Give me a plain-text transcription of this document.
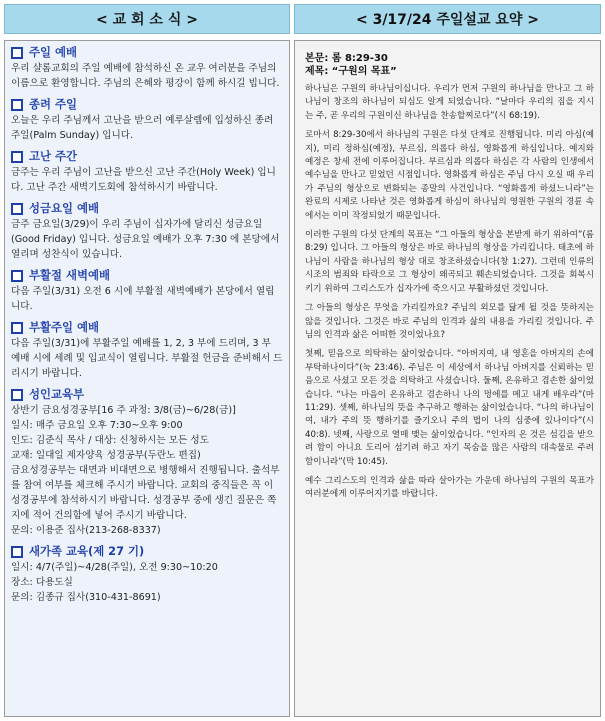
< 교 회 소 식 >	< 3/17/24 주일설교 요약 >
주일 예배

우리 샬롬교회의 주일 예배에 참석하신 온 교우 여러분을 주님의 이름으로 환영합니다. 주님의 은혜와 평강이 함께 하시길 빕니다.

종려 주일

오늘은 우리 주님께서 고난을 받으러 예루살렘에 입성하신 종려 주일(Palm Sunday) 입니다.

고난 주간

금주는 우리 주님이 고난을 받으신 고난 주간(Holy Week) 입니다. 고난 주간 새벽기도회에 참석하시기 바랍니다.

성금요일 예배

금주 금요일(3/29)이 우리 주님이 십자가에 달리신 성금요일(Good Friday) 입니다. 성금요일 예배가 오후 7:30 에 본당에서 열리며 성찬식이 있습니다.

부활절 새벽예배

다음 주일(3/31) 오전 6 시에 부활절 새벽예배가 본당에서 열립니다.

부활주일 예배

다음 주일(3/31)에 부활주일 예배를 1, 2, 3 부에 드리며, 3 부 예배 시에 세례 및 입교식이 열립니다. 부활절 헌금을 준비해서 드리시기 바랍니다.

성인교육부

상반기 금요성경공부[16 주 과정: 3/8(금)~6/28(금)]

일시: 매주 금요일 오후 7:30~오후 9:00

인도: 김준식 목사 / 대상: 신청하시는 모든 성도

교재: 일대일 제자양육 성경공부(두란노 편집)

금요성경공부는 대면과 비대면으로 병행해서 진행됩니다. 출석부를 참여 여부를 체크해 주시기 바랍니다. 교회의 중직들은 꼭 이 성경공부에 참석하시기 바랍니다. 성경공부 중에 생긴 질문은 쪽지에 적어 건의함에 넣어 주시기 바랍니다.

문의: 이용준 집사(213-268-8337)

새가족 교육(제 27 기)

일시: 4/7(주일)~4/28(주일), 오전 9:30~10:20

장소: 다용도실

문의: 김종규 집사(310-431-8691)

본문: 롬 8:29-30

제목: “구원의 목표”

하나님은 구원의 하나님이십니다. 우리가 먼저 구원의 하나님을 만나고 그 하나님이 창조의 하나님이 되심도 알게 되었습니다. “날마다 우리의 짐을 지시는 주, 곧 우리의 구원이신 하나님을 찬송할찌로다”(시 68:19).

로마서 8:29-30에서 하나님의 구원은 다섯 단계로 진행됩니다. 미리 아심(예지), 미리 정하심(예정), 부르심, 의롭다 하심, 영화롭게 하심입니다. 예지와 예정은 창세 전에 이루어집니다. 부르심과 의롭다 하심은 각 사람의 인생에서 예수님을 만나고 믿었던 시점입니다. 영화롭게 하심은 주님 다시 오실 때 우리가 주님의 형상으로 변화되는 종말의 사건입니다. “영화롭게 하셨느니라”는 완료의 시제로 나타난 것은 영화롭게 하심이 하나님의 영원한 구원의 경륜 속에서는 이미 작정되었기 때문입니다.

이러한 구원의 다섯 단계의 목표는 “그 아들의 형상을 본받게 하기 위하여”(롬 8:29) 입니다. 그 아들의 형상은 바로 하나님의 형상을 가리킵니다. 태초에 하나님이 사람을 하나님의 형상 대로 창조하셨습니다(창 1:27). 그런데 인류의 시조의 범죄와 타락으로 그 형상이 왜곡되고 훼손되었습니다. 그것을 회복시키기 위하여 그리스도가 십자가에 죽으시고 부활하셨던 것입니다.

그 아들의 형상은 무엇을 가리킬까요? 주님의 외모를 닮게 될 것을 뜻하지는 않을 것입니다. 그것은 바로 주님의 인격과 삶의 내용을 가리킬 것입니다. 주님의 인격과 삶은 어떠한 것이었나요?

첫째, 믿음으로 의탁하는 삶이었습니다. “아버지여, 내 영혼을 아버지의 손에 부탁하나이다”(눅 23:46). 주님은 이 세상에서 하나님 아버지를 신뢰하는 믿음으로 사셨고 모든 것을 의탁하고 사셨습니다. 둘째, 온유하고 겸손한 삶이었습니다. “나는 마음이 온유하고 겸손하니 나의 멍에를 메고 내게 배우라”(마 11:29). 셋째, 하나님의 뜻을 추구하고 행하는 삶이었습니다. “나의 하나님이여, 내가 주의 뜻 행하기를 즐기오니 주의 법이 나의 심중에 있나이다”(시 40:8). 넷째, 사랑으로 열매 맺는 삶이었습니다. “인자의 온 것은 섬김을 받으려 함이 아니요 도리어 섬기려 하고 자기 목숨을 많은 사람의 대속물로 주려 함이니라”(막 10:45).

예수 그리스도의 인격과 삶을 따라 살아가는 가운데 하나님의 구원의 목표가 여러분에게 이루어지기를 바랍니다.
